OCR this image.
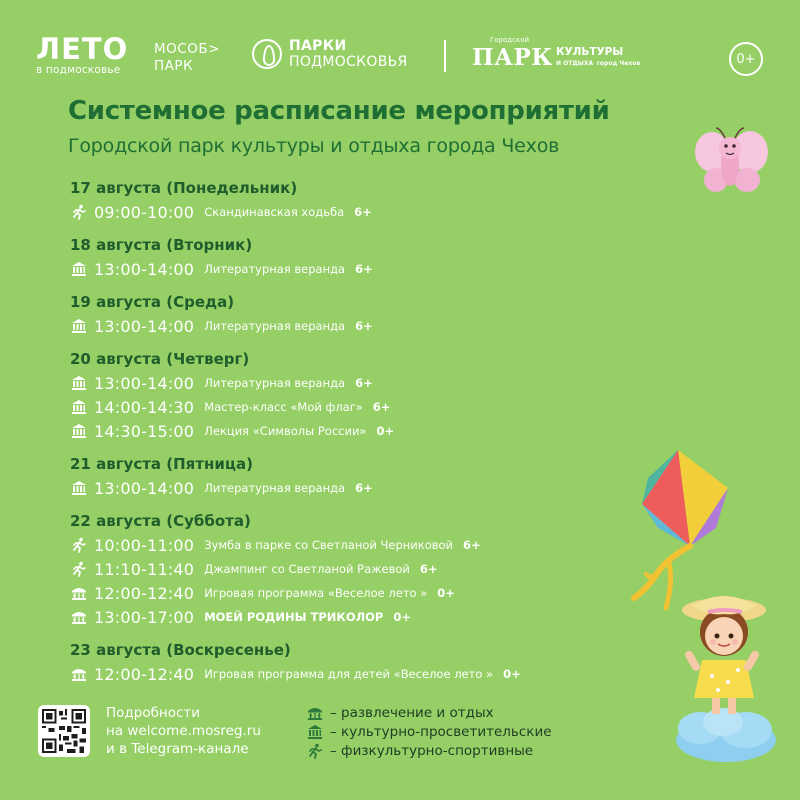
ЛЕТО
в подмосковье
МОСОБ>
ПАРК
ПАРКИ
ПОДМОСКОВЬЯ
Городской
ПАРК КУЛЬТУРЫ
И ОТДЫХА город Чехов	0+
Системное расписание мероприятий
Городской парк культуры и отдыха города Чехов
17 августа (Понедельник)
09:00-10:00 Скандинавская ходьба 6+
18 августа (Вторник)
13:00-14:00 Литературная веранда 6+
19 августа (Среда)
13:00-14:00 Литературная веранда 6+
20 августа (Четверг)
13:00-14:00 Литературная веранда 6+
14:00-14:30 Мастер-класс «Мой флаг» 6+
14:30-15:00 Лекция «Символы России» 0+
21 августа (Пятница)
13:00-14:00 Литературная веранда 6+
22 августа (Суббота)
10:00-11:00 Зумба в парке со Светланой Черниковой 6+
11:10-11:40 Джампинг со Светланой Ражевой 6+
12:00-12:40 Игровая программа «Веселое лето » 0+
13:00-17:00 МОЕЙ РОДИНЫ ТРИКОЛОР 0+
23 августа (Воскресенье)
12:00-12:40 Игровая программа для детей «Веселое лето » 0+
Подробности
на welcome.mosreg.ru
и в Telegram-канале
– развлечение и отдых
– культурно-просветительские
– физкультурно-спортивные
